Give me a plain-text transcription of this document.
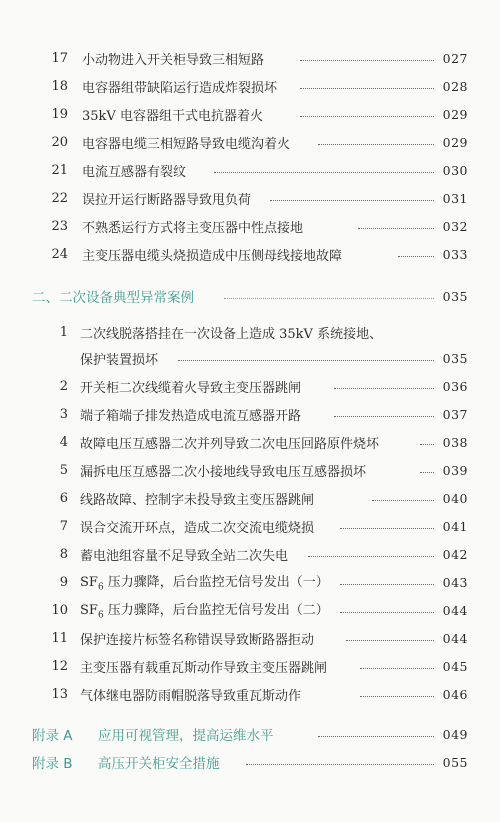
17 小动物进入开关柜导致三相短路	027
18 电容器组带缺陷运行造成炸裂损坏	028
19 35kV 电容器组干式电抗器着火	029
20 电容器电缆三相短路导致电缆沟着火	029
21 电流互感器有裂纹	030
22 误拉开运行断路器导致甩负荷	031
23 不熟悉运行方式将主变压器中性点接地	032
24 主变压器电缆头烧损造成中压侧母线接地故障	033
二、二次设备典型异常案例	035
1 二次线脱落搭挂在一次设备上造成 35kV 系统接地、
保护装置损坏	035
2 开关柜二次线缆着火导致主变压器跳闸	036
3 端子箱端子排发热造成电流互感器开路	037
4 故障电压互感器二次并列导致二次电压回路原件烧坏	038
5 漏拆电压互感器二次小接地线导致电压互感器损坏	039
6 线路故障、控制字未投导致主变压器跳闸	040
7 误合交流开环点，造成二次交流电缆烧损	041
8 蓄电池组容量不足导致全站二次失电	042
9 $SF_6$ 压力骤降，后台监控无信号发出（一）	043
10 $SF_6$ 压力骤降，后台监控无信号发出（二）	044
11 保护连接片标签名称错误导致断路器拒动	044
12 主变压器有载重瓦斯动作导致主变压器跳闸	045
13 气体继电器防雨帽脱落导致重瓦斯动作	046
附录 A 应用可视管理，提高运维水平	049
附录 B 高压开关柜安全措施	055
